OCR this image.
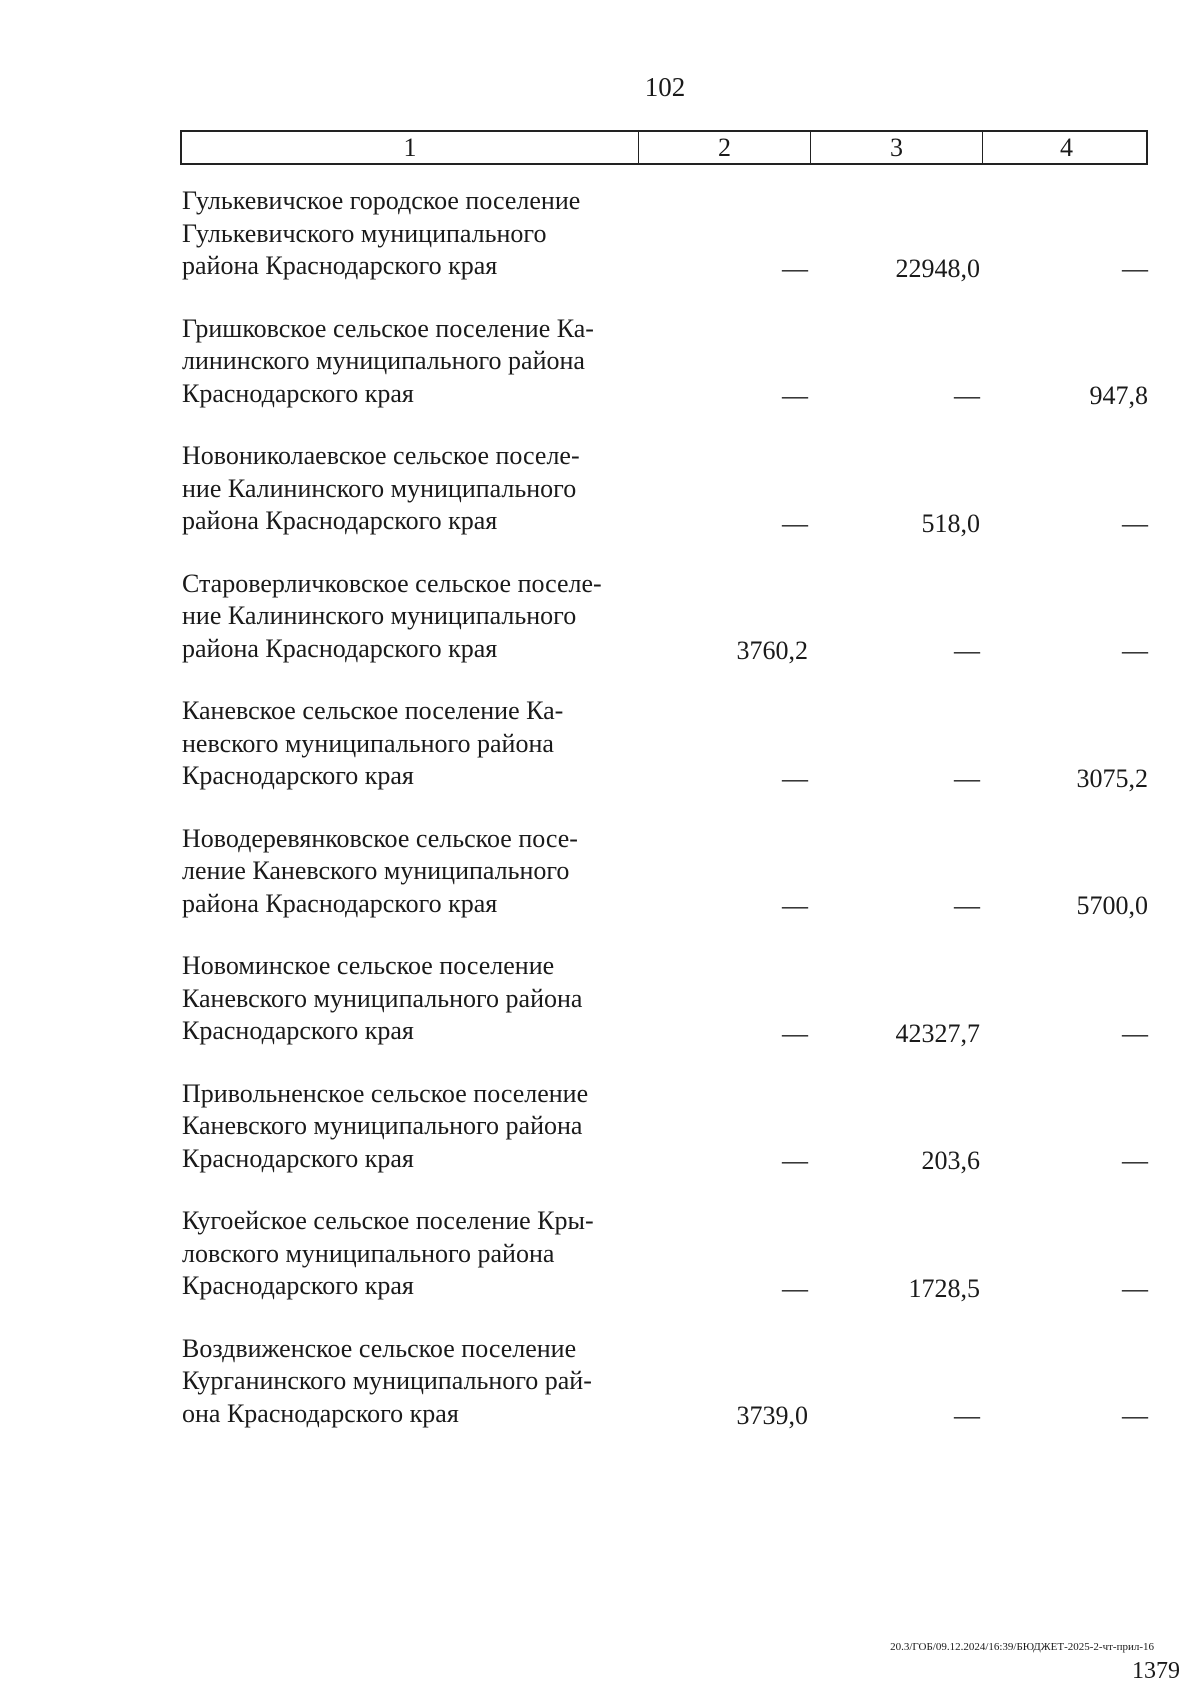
102
1	2	3	4
Гулькевичское городское поселение
Гулькевичского муниципального
района Краснодарского края	—	22948,0	—
Гришковское сельское поселение Ка-
лининского муниципального района
Краснодарского края	—	—	947,8
Новониколаевское сельское поселе-
ние Калининского муниципального
района Краснодарского края	—	518,0	—
Староверличковское сельское поселе-
ние Калининского муниципального
района Краснодарского края	3760,2	—	—
Каневское сельское поселение Ка-
невского муниципального района
Краснодарского края	—	—	3075,2
Новодеревянковское сельское посе-
ление Каневского муниципального
района Краснодарского края	—	—	5700,0
Новоминское сельское поселение
Каневского муниципального района
Краснодарского края	—	42327,7	—
Привольненское сельское поселение
Каневского муниципального района
Краснодарского края	—	203,6	—
Кугоейское сельское поселение Кры-
ловского муниципального района
Краснодарского края	—	1728,5	—
Воздвиженское сельское поселение
Курганинского муниципального рай-
она Краснодарского края	3739,0	—	—
20.3/ГОБ/09.12.2024/16:39/БЮДЖЕТ-2025-2-чт-прил-16
1379
